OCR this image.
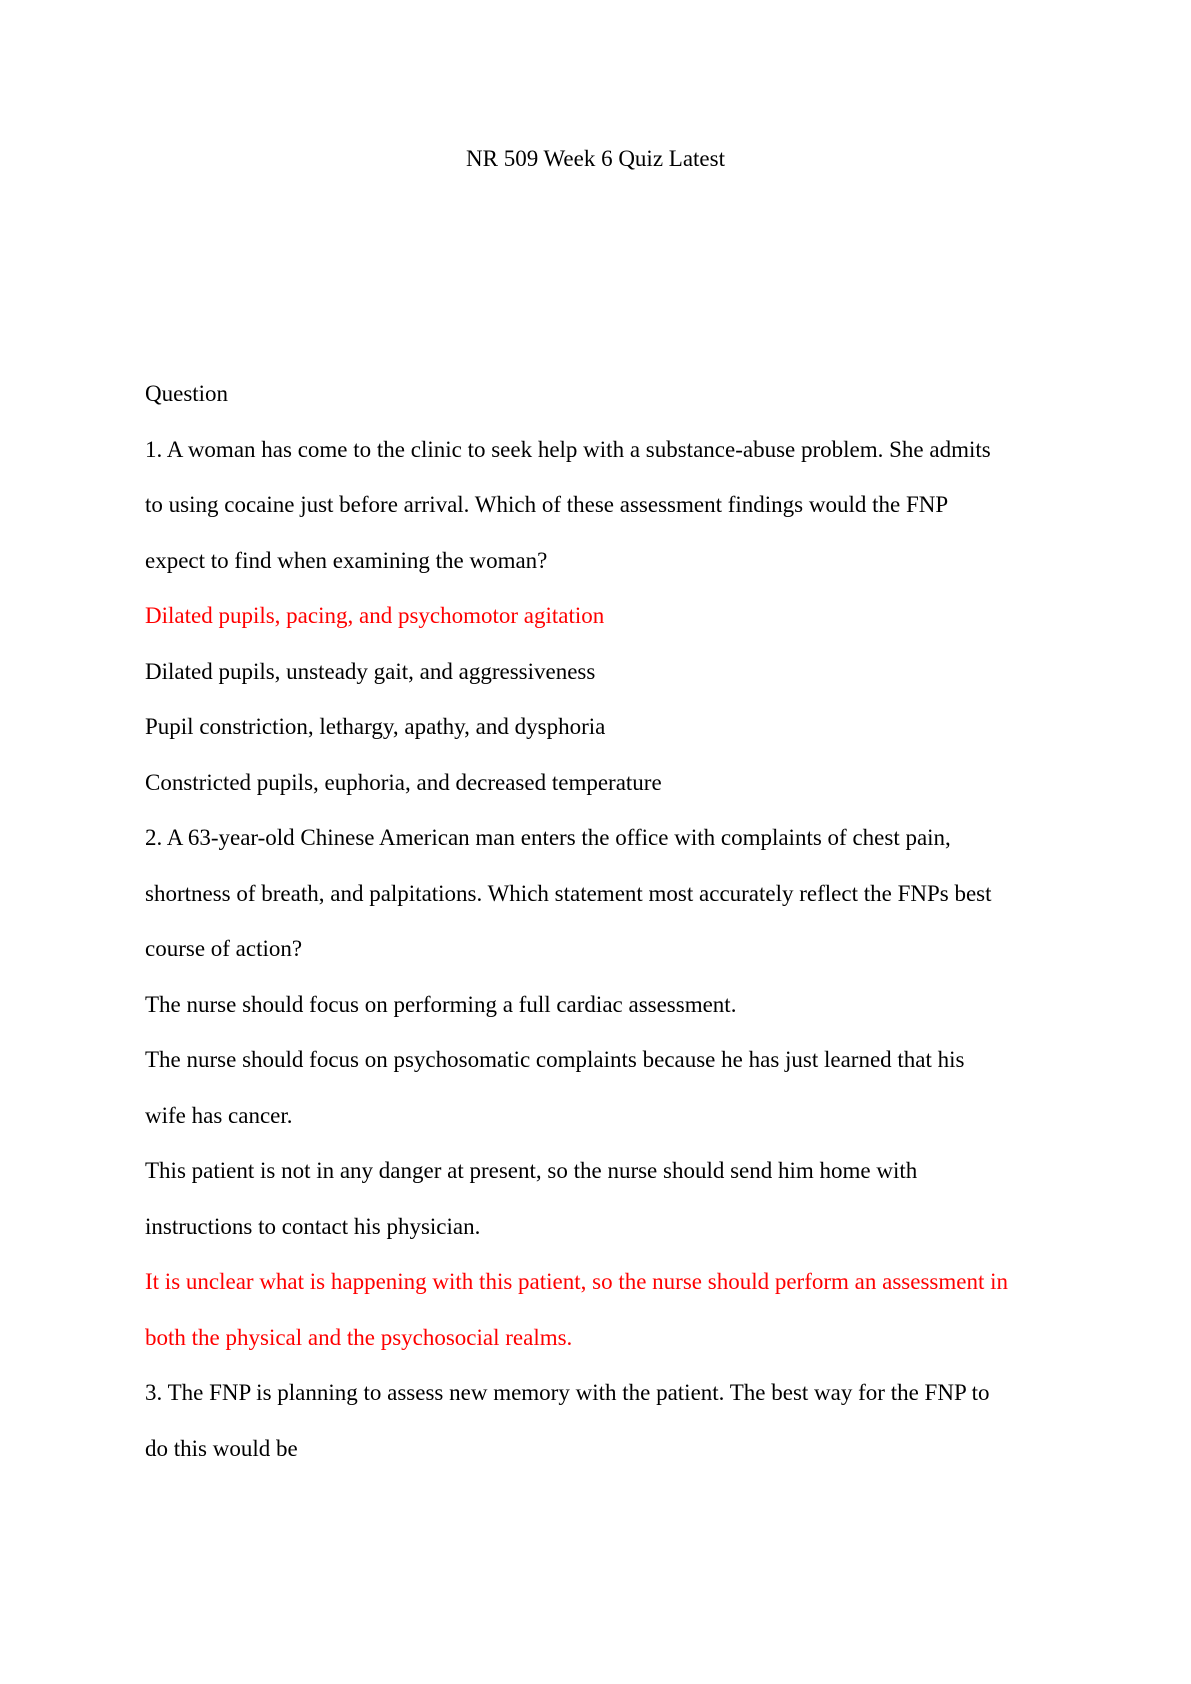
NR 509 Week 6 Quiz Latest
Question
1. A woman has come to the clinic to seek help with a substance-abuse problem. She admits
to using cocaine just before arrival. Which of these assessment findings would the FNP
expect to find when examining the woman?
Dilated pupils, pacing, and psychomotor agitation
Dilated pupils, unsteady gait, and aggressiveness
Pupil constriction, lethargy, apathy, and dysphoria
Constricted pupils, euphoria, and decreased temperature
2. A 63-year-old Chinese American man enters the office with complaints of chest pain,
shortness of breath, and palpitations. Which statement most accurately reflect the FNPs best
course of action?
The nurse should focus on performing a full cardiac assessment.
The nurse should focus on psychosomatic complaints because he has just learned that his
wife has cancer.
This patient is not in any danger at present, so the nurse should send him home with
instructions to contact his physician.
It is unclear what is happening with this patient, so the nurse should perform an assessment in
both the physical and the psychosocial realms.
3. The FNP is planning to assess new memory with the patient. The best way for the FNP to
do this would be
